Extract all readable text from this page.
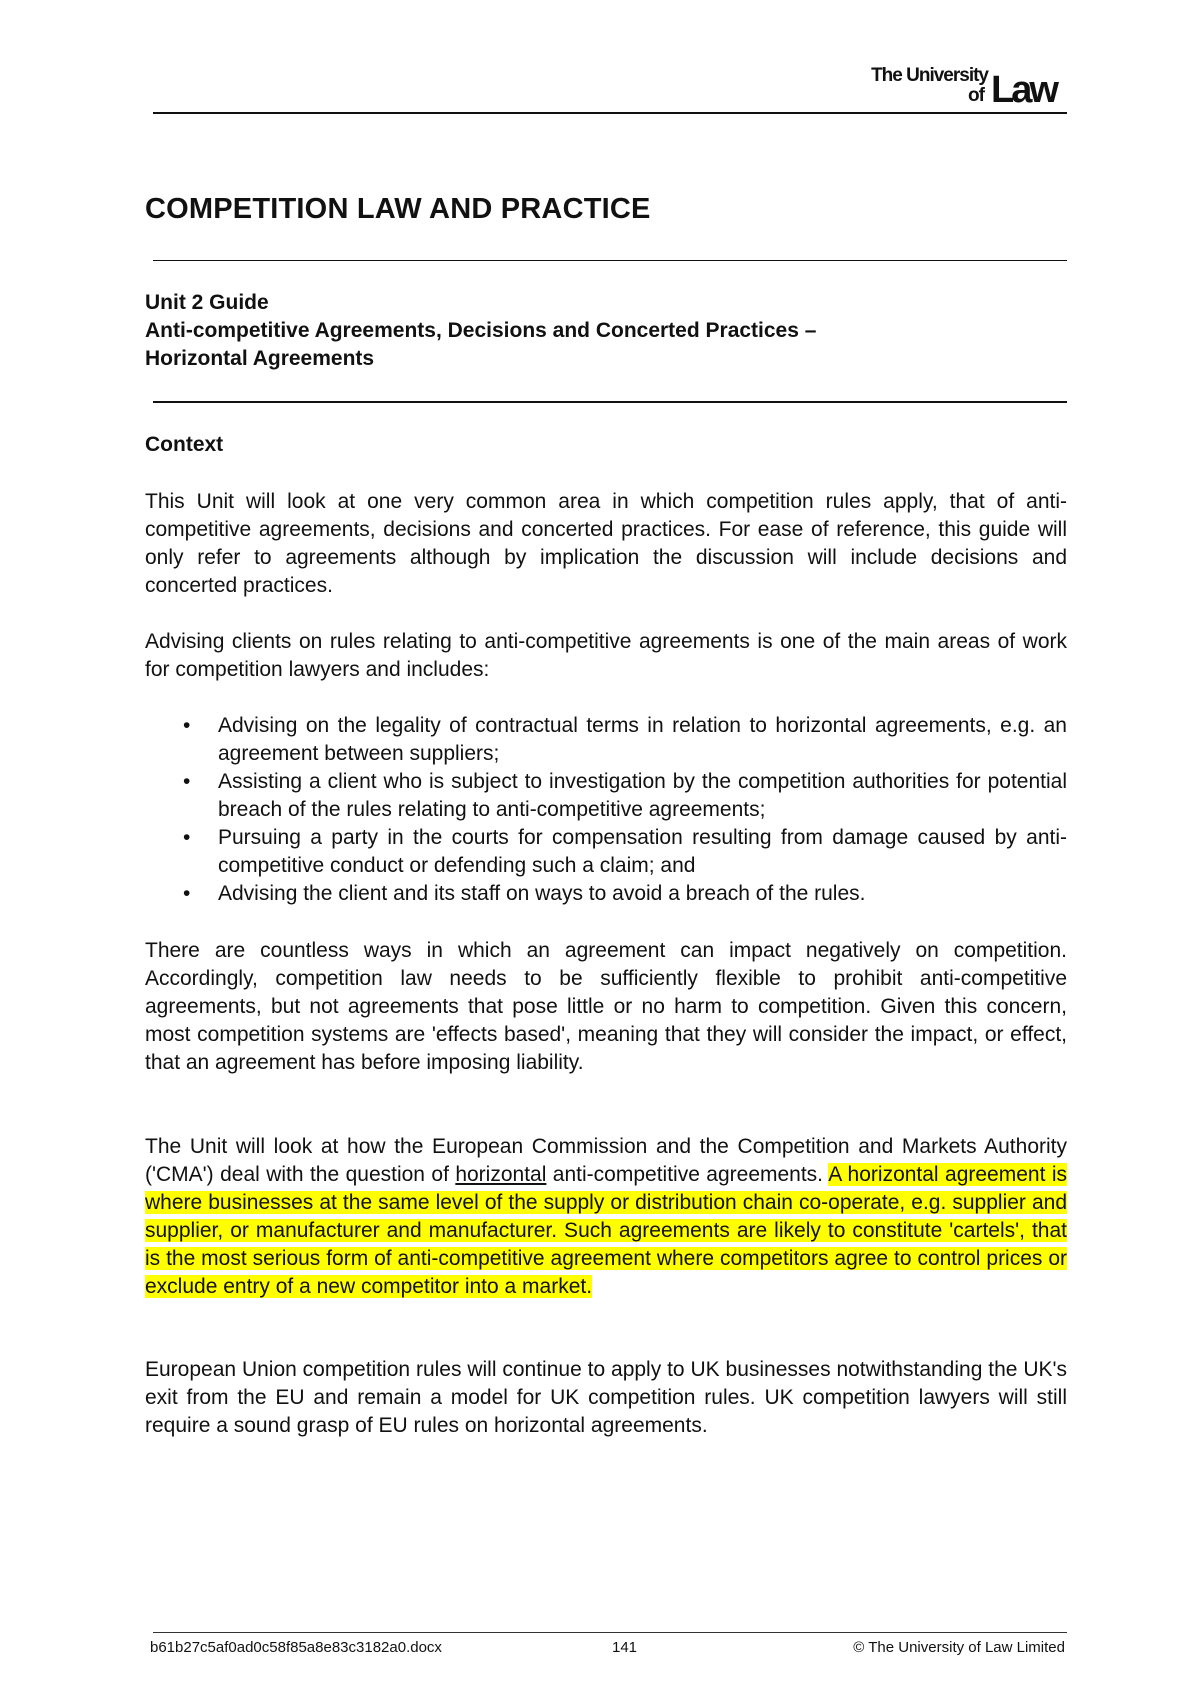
The University
of Law
COMPETITION LAW AND PRACTICE
Unit 2 Guide
Anti-competitive Agreements, Decisions and Concerted Practices –
Horizontal Agreements
Context

This Unit will look at one very common area in which competition rules apply, that of anti-competitive agreements, decisions and concerted practices. For ease of reference, this guide will only refer to agreements although by implication the discussion will include decisions and concerted practices.

Advising clients on rules relating to anti-competitive agreements is one of the main areas of work for competition lawyers and includes:

• Advising on the legality of contractual terms in relation to horizontal agreements, e.g. an agreement between suppliers;
• Assisting a client who is subject to investigation by the competition authorities for potential breach of the rules relating to anti-competitive agreements;
• Pursuing a party in the courts for compensation resulting from damage caused by anti-competitive conduct or defending such a claim; and
• Advising the client and its staff on ways to avoid a breach of the rules.

There are countless ways in which an agreement can impact negatively on competition. Accordingly, competition law needs to be sufficiently flexible to prohibit anti-competitive agreements, but not agreements that pose little or no harm to competition. Given this concern, most competition systems are 'effects based', meaning that they will consider the impact, or effect, that an agreement has before imposing liability.

The Unit will look at how the European Commission and the Competition and Markets Authority ('CMA') deal with the question of horizontal anti-competitive agreements. A horizontal agreement is where businesses at the same level of the supply or distribution chain co-operate, e.g. supplier and supplier, or manufacturer and manufacturer. Such agreements are likely to constitute 'cartels', that is the most serious form of anti-competitive agreement where competitors agree to control prices or exclude entry of a new competitor into a market.

European Union competition rules will continue to apply to UK businesses notwithstanding the UK's exit from the EU and remain a model for UK competition rules. UK competition lawyers will still require a sound grasp of EU rules on horizontal agreements.

b61b27c5af0ad0c58f85a8e83c3182a0.docx	141	© The University of Law Limited
